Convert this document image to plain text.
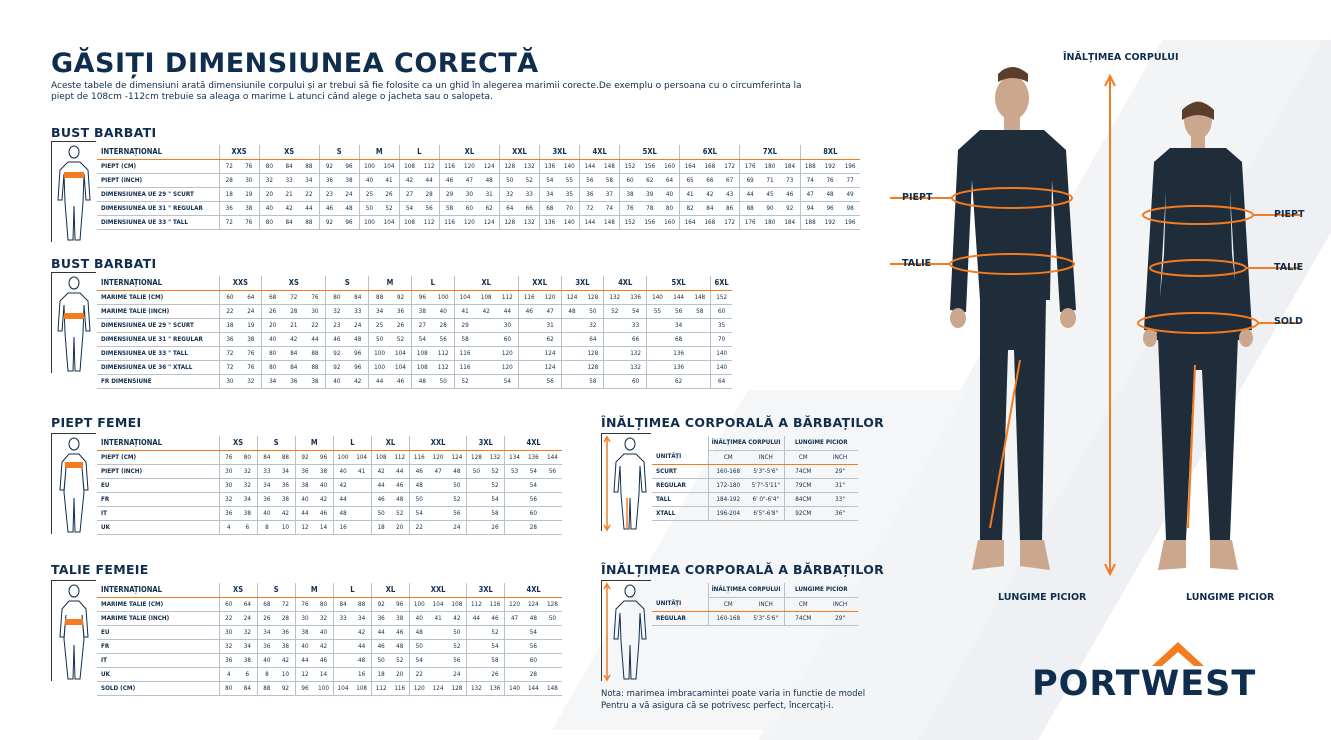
GĂSIȚI DIMENSIUNEA CORECTĂ
Aceste tabele de dimensiuni arată dimensiunile corpului și ar trebui să fie folosite ca un ghid în alegerea marimii corecte.De exemplu o persoana cu o circumferinta la piept de 108cm -112cm trebuie sa aleaga o marime L atunci când alege o jacheta sau o salopeta.
BUST BARBATI
BUST BARBATI
PIEPT FEMEI
TALIE FEMEIE
INTERNAȚIONAL	XXS		XS			S		M		L		XL			XXL		3XL		4XL		5XL			6XL			7XL			8XL		
PIEPT (CM)	72	76	80	84	88	92	96	100	104	108	112	116	120	124	128	132	136	140	144	148	152	156	160	164	168	172	176	180	184	188	192	196
PIEPT (INCH)	28	30	32	33	34	36	38	40	41	42	44	46	47	48	50	52	54	55	56	58	60	62	64	65	66	67	69	71	73	74	76	77
DIMENSIUNEA UE 29 " SCURT	18	19	20	21	22	23	24	25	26	27	28	29	30	31	32	33	34	35	36	37	38	39	40	41	42	43	44	45	46	47	48	49
DIMENSIUNEA UE 31 " REGULAR	36	38	40	42	44	46	48	50	52	54	56	58	60	62	64	66	68	70	72	74	76	78	80	82	84	86	88	90	92	94	96	98
DIMENSIUNEA UE 33 " TALL	72	76	80	84	88	92	96	100	104	108	112	116	120	124	128	132	136	140	144	148	152	156	160	164	168	172	176	180	184	188	192	196
INTERNAȚIONAL	XXS		XS			S		M		L		XL			XXL		3XL		4XL		5XL			6XL
MARIME TALIE (CM)	60	64	68	72	76	80	84	88	92	96	100	104	108	112	116	120	124	128	132	136	140	144	148	152
MARIME TALIE (INCH)	22	24	26	28	30	32	33	34	36	38	40	41	42	44	46	47	48	50	52	54	55	56	58	60
DIMENSIUNEA UE 29 " SCURT	18	19	20	21	22	23	24	25	26	27	28	29		30		31		32		33		34		35
DIMENSIUNEA UE 31 " REGULAR	36	38	40	42	44	46	48	50	52	54	56	58		60		62		64		66		68		70
DIMENSIUNEA UE 33 " TALL	72	76	80	84	88	92	96	100	104	108	112	116		120		124		128		132		136		140
DIMENSIUNEA UE 36 " XTALL	72	76	80	84	88	92	96	100	104	108	112	116		120		124		128		132		136		140
FR DIMENSIUNE	30	32	34	36	38	40	42	44	46	48	50	52		54		56		58		60		62		64
INTERNAȚIONAL	XS		S		M		L		XL		XXL			3XL		4XL		
PIEPT (CM)	76	80	84	88	92	96	100	104	108	112	116	120	124	128	132	134	136	144
PIEPT (INCH)	30	32	33	34	36	38	40	41	42	44	46	47	48	50	52	53	54	56
EU	30	32	34	36	38	40	42		44	46	48		50		52		54	
FR	32	34	36	38	40	42	44		46	48	50		52		54		56	
IT	36	38	40	42	44	46	48		50	52	54		56		58		60	
UK	4	6	8	10	12	14	16		18	20	22		24		26		28	
INTERNAȚIONAL	XS		S		M		L		XL		XXL			3XL		4XL		
MARIME TALIE (CM)	60	64	68	72	76	80	84	88	92	96	100	104	108	112	116	120	124	128
MARIME TALIE (INCH)	22	24	26	28	30	32	33	34	36	38	40	41	42	44	46	47	48	50
EU	30	32	34	36	38	40		42	44	46	48		50		52		54	
FR	32	34	36	38	40	42		44	46	48	50		52		54		56	
IT	36	38	40	42	44	46		48	50	52	54		56		58		60	
UK	4	6	8	10	12	14		16	18	20	22		24		26		28	
SOLD (CM)	80	84	88	92	96	100	104	108	112	116	120	124	128	132	136	140	144	148
ÎNĂLȚIMEA CORPORALĂ A BĂRBAȚILOR
ÎNĂLȚIMEA CORPORALĂ A BĂRBAȚILOR
	ÎNĂLȚIMEA CORPULUI		LUNGIME PICIOR	
UNITĂȚI	CM	INCH	CM	INCH
SCURT	160-168	5'3"-5'6"	74CM	29"
REGULAR	172-180	5'7"-5'11"	79CM	31"
TALL	184-192	6' 0"-6'4"	84CM	33"
XTALL	196-204	6'5"-6'8"	92CM	36"
	ÎNĂLȚIMEA CORPULUI		LUNGIME PICIOR	
UNITĂȚI	CM	INCH	CM	INCH
REGULAR	160-168	5'3"-5'6"	74CM	29"
Nota: marimea imbracamintei poate varia in functie de model
Pentru a vă asigura că se potrivesc perfect, încercați-i.
ÎNĂLȚIMEA CORPULUI
PIEPT
TALIE
PIEPT
TALIE
SOLD
LUNGIME PICIOR	LUNGIME PICIOR
PORTWEST
